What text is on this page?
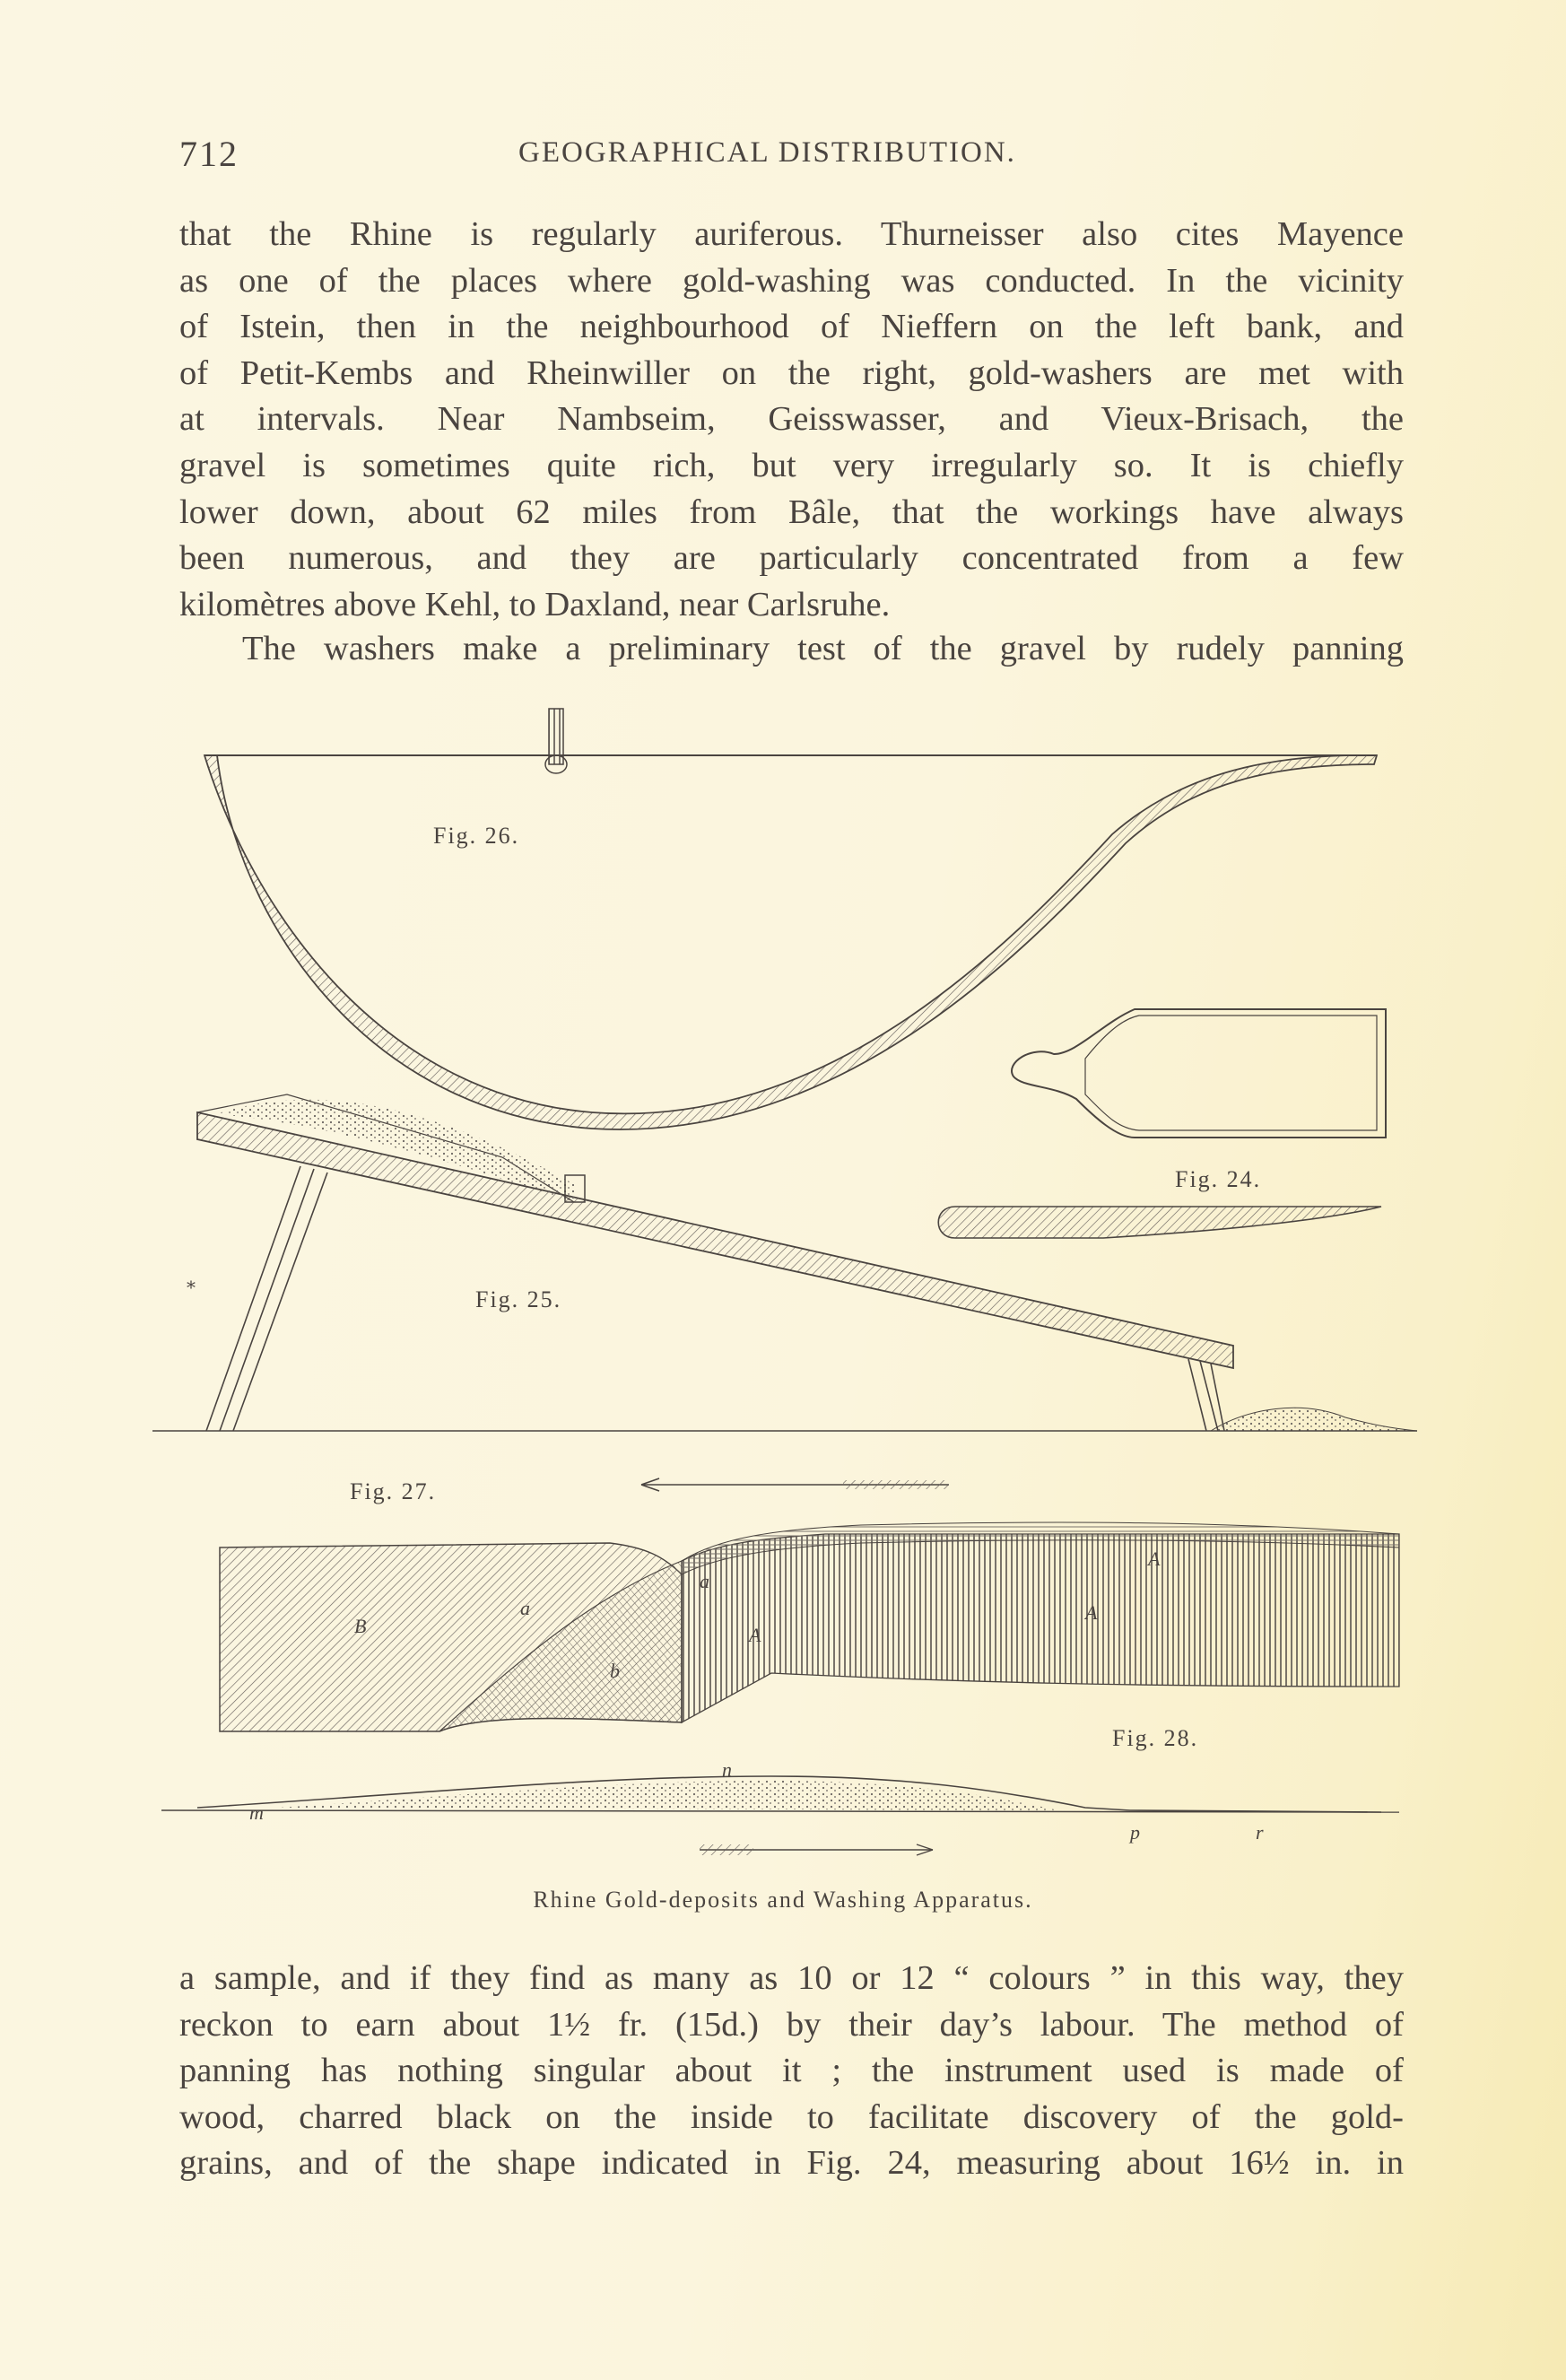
712	GEOGRAPHICAL DISTRIBUTION.
that the Rhine is regularly auriferous. Thurneisser also cites Mayence
as one of the places where gold-washing was conducted. In the vicinity
of Istein, then in the neighbourhood of Nieffern on the left bank, and
of Petit-Kembs and Rheinwiller on the right, gold-washers are met with
at intervals. Near Nambseim, Geisswasser, and Vieux-Brisach, the
gravel is sometimes quite rich, but very irregularly so. It is chiefly
lower down, about 62 miles from Bâle, that the workings have always
been numerous, and they are particularly concentrated from a few
kilomètres above Kehl, to Daxland, near Carlsruhe.
The washers make a preliminary test of the gravel by rudely panning
*
Fig. 26.
Fig. 24.
Fig. 25.
Fig. 27.
Fig. 28.
B
a
a
b
A
A
A
m
n
p	r
Rhine Gold-deposits and Washing Apparatus.
a sample, and if they find as many as 10 or 12 “ colours ” in this way, they
reckon to earn about 1½ fr. (15d.) by their day’s labour. The method of
panning has nothing singular about it ; the instrument used is made of
wood, charred black on the inside to facilitate discovery of the gold-
grains, and of the shape indicated in Fig. 24, measuring about 16½ in. in
